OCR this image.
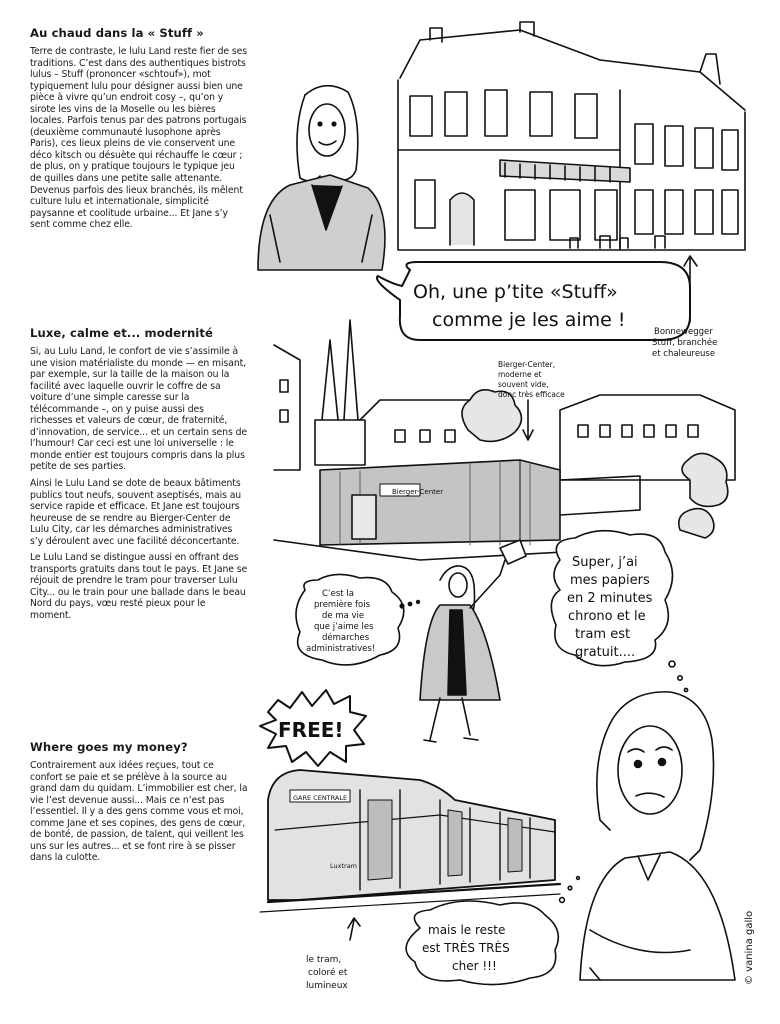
Au chaud dans la « Stuff »

Terre de contraste, le lulu Land reste fier de ses traditions. C’est dans des authentiques bistrots lulus – Stuff (prononcer «schtouf»), mot typiquement lulu pour désigner aussi bien une pièce à vivre qu’un endroit cosy –, qu’on y sirote les vins de la Moselle ou les bières locales. Parfois tenus par des patrons portugais (deuxième communauté lusophone après Paris), ces lieux pleins de vie conservent une déco kitsch ou désuète qui réchauffe le cœur ; de plus, on y pratique toujours le typique jeu de quilles dans une petite salle attenante. Devenus parfois des lieux branchés, ils mêlent culture lulu et internationale, simplicité paysanne et coolitude urbaine... Et Jane s’y sent comme chez elle.

Luxe, calme et... modernité

Si, au Lulu Land, le confort de vie s’assimile à une vision matérialiste du monde — en misant, par exemple, sur la taille de la maison ou la facilité avec laquelle ouvrir le coffre de sa voiture d’une simple caresse sur la télécommande –, on y puise aussi des richesses et valeurs de cœur, de fraternité, d’innovation, de service... et un certain sens de l’humour! Car ceci est une loi universelle : le monde entier est toujours compris dans la plus petite de ses parties.

Ainsi le Lulu Land se dote de beaux bâtiments publics tout neufs, souvent aseptisés, mais au service rapide et efficace. Et Jane est toujours heureuse de se rendre au Bierger-Center de Lulu City, car les démarches administratives s’y déroulent avec une facilité déconcertante.

Le Lulu Land se distingue aussi en offrant des transports gratuits dans tout le pays. Et Jane se réjouit de prendre le tram pour traverser Lulu City... ou le train pour une ballade dans le beau Nord du pays, vœu resté pieux pour le moment.

Where goes my money?

Contrairement aux idées reçues, tout ce confort se paie et se prélève à la source au grand dam du quidam. L’immobilier est cher, la vie l’est devenue aussi... Mais ce n’est pas l’essentiel. Il y a des gens comme vous et moi, comme Jane et ses copines, des gens de cœur, de bonté, de passion, de talent, qui veillent les uns sur les autres... et se font rire à se pisser dans la culotte.

Oh, une p’tite «Stuff»
comme je les aime !
Bonnewegger
Stuff, branchée
et chaleureuse
Bierger-Center
Bierger-Center,
moderne et
souvent vide,
donc très efficace
C’est la
première fois
de ma vie
que j’aime les
démarches
administratives!
Super, j’ai
mes papiers
en 2 minutes
chrono et le
tram est
gratuit....
FREE!
GARE CENTRALE
Luxtram
le tram,
coloré et
lumineux
mais le reste
est TRÈS TRÈS
cher !!!	© vanina gallo
